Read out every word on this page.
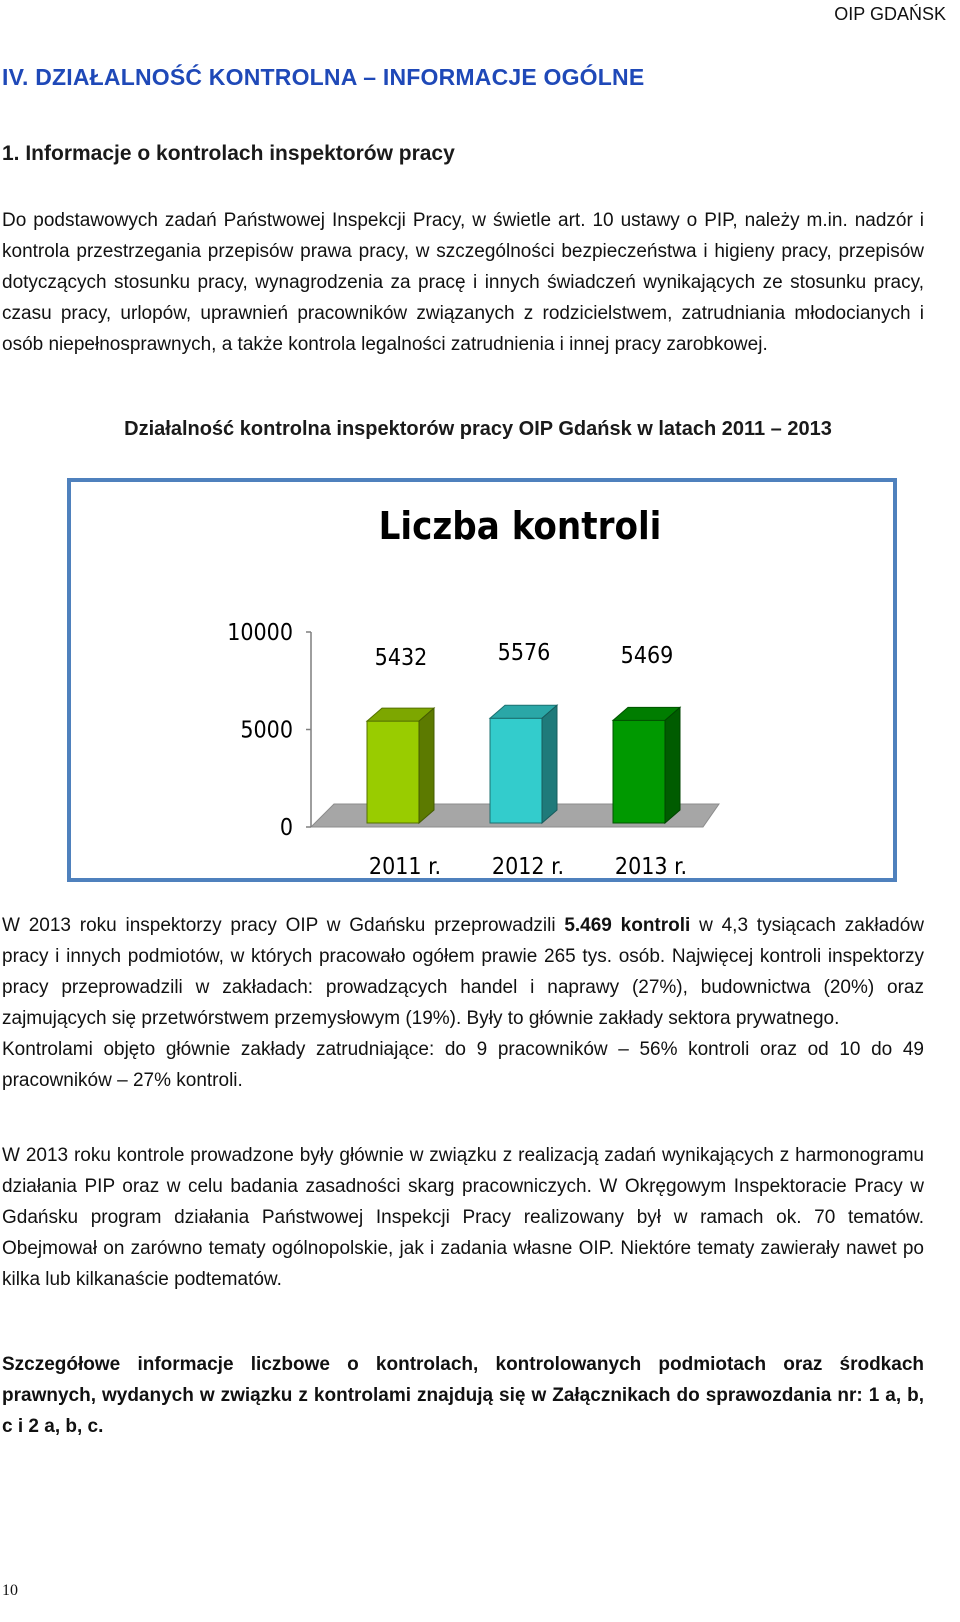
OIP GDAŃSK
IV. DZIAŁALNOŚĆ KONTROLNA – INFORMACJE OGÓLNE
1. Informacje o kontrolach inspektorów pracy

Do podstawowych zadań Państwowej Inspekcji Pracy, w świetle art. 10 ustawy o PIP, należy m.in. nadzór i kontrola przestrzegania przepisów prawa pracy, w szczególności bezpieczeństwa i higieny pracy, przepisów dotyczących stosunku pracy, wynagrodzenia za pracę i innych świadczeń wynikających ze stosunku pracy, czasu pracy, urlopów, uprawnień pracowników związanych z rodzicielstwem, zatrudniania młodocianych i osób niepełnosprawnych, a także kontrola legalności zatrudnienia i innej pracy zarobkowej.

Działalność kontrolna inspektorów pracy OIP Gdańsk w latach 2011 – 2013

Liczba kontroli
0
5000
10000
5432	5576	5469
2011 r. 2012 r. 2013 r.

W 2013 roku inspektorzy pracy OIP w Gdańsku przeprowadzili 5.469 kontroli w 4,3 tysiącach zakładów pracy i innych podmiotów, w których pracowało ogółem prawie 265 tys. osób. Najwięcej kontroli inspektorzy pracy przeprowadzili w zakładach: prowadzących handel i naprawy (27%), budownictwa (20%) oraz zajmujących się przetwórstwem przemysłowym (19%). Były to głównie zakłady sektora prywatnego.
Kontrolami objęto głównie zakłady zatrudniające: do 9 pracowników – 56% kontroli oraz od 10 do 49 pracowników – 27% kontroli.

W 2013 roku kontrole prowadzone były głównie w związku z realizacją zadań wynikających z harmonogramu działania PIP oraz w celu badania zasadności skarg pracowniczych. W Okręgowym Inspektoracie Pracy w Gdańsku program działania Państwowej Inspekcji Pracy realizowany był w ramach ok. 70 tematów. Obejmował on zarówno tematy ogólnopolskie, jak i zadania własne OIP. Niektóre tematy zawierały nawet po kilka lub kilkanaście podtematów.

Szczegółowe informacje liczbowe o kontrolach, kontrolowanych podmiotach oraz środkach prawnych, wydanych w związku z kontrolami znajdują się w Załącznikach do sprawozdania nr: 1 a, b, c i 2 a, b, c.

10
